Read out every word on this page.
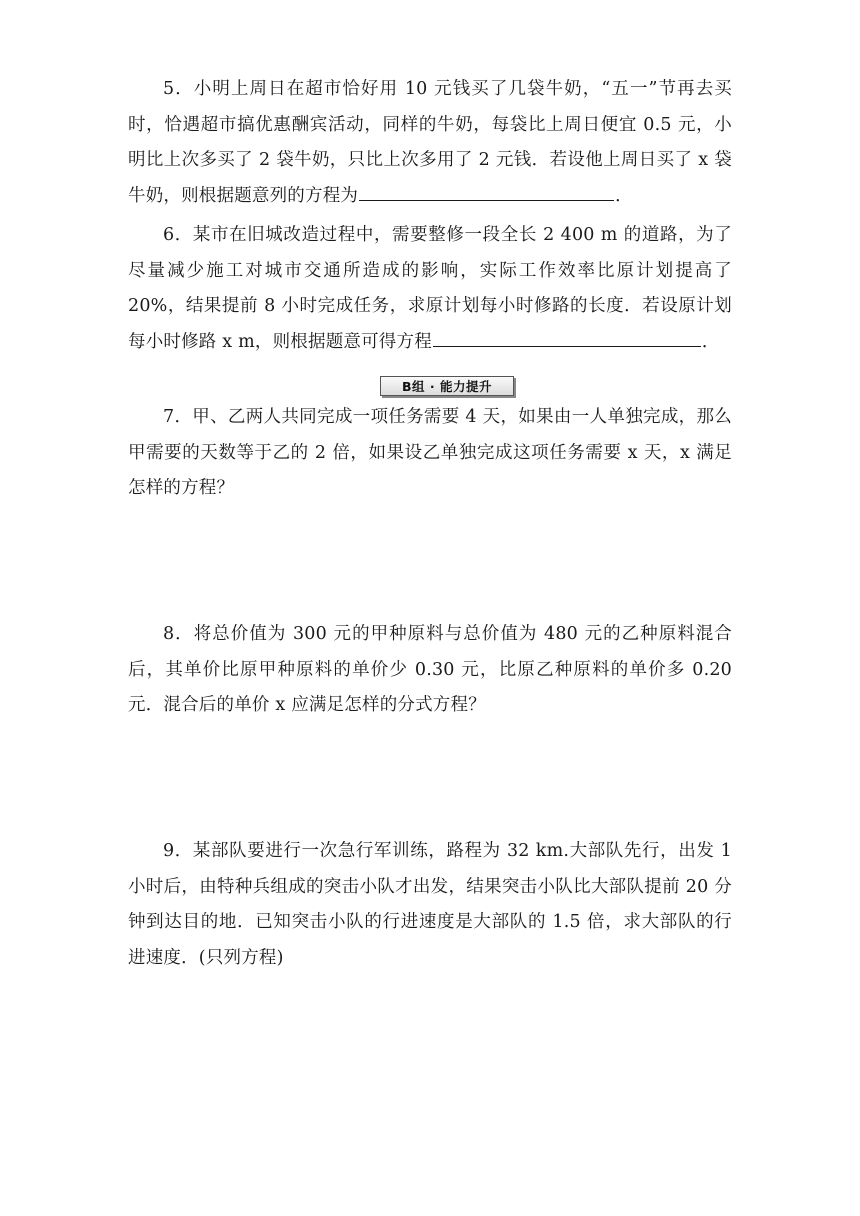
5．小明上周日在超市恰好用 10 元钱买了几袋牛奶，“五一”节再去买时，恰遇超市搞优惠酬宾活动，同样的牛奶，每袋比上周日便宜 0.5 元，小明比上次多买了 2 袋牛奶，只比上次多用了 2 元钱．若设他上周日买了 x 袋牛奶，则根据题意列的方程为	．
6．某市在旧城改造过程中，需要整修一段全长 2 400 m 的道路，为了尽量减少施工对城市交通所造成的影响，实际工作效率比原计划提高了 20%，结果提前 8 小时完成任务，求原计划每小时修路的长度．若设原计划每小时修路 x m，则根据题意可得方程	．
B组 · 能力提升
7．甲、乙两人共同完成一项任务需要 4 天，如果由一人单独完成，那么甲需要的天数等于乙的 2 倍，如果设乙单独完成这项任务需要 x 天，x 满足怎样的方程？
8．将总价值为 300 元的甲种原料与总价值为 480 元的乙种原料混合后，其单价比原甲种原料的单价少 0.30 元，比原乙种原料的单价多 0.20 元．混合后的单价 x 应满足怎样的分式方程？
9．某部队要进行一次急行军训练，路程为 32 km.大部队先行，出发 1 小时后，由特种兵组成的突击小队才出发，结果突击小队比大部队提前 20 分钟到达目的地．已知突击小队的行进速度是大部队的 1.5 倍，求大部队的行进速度．(只列方程)
